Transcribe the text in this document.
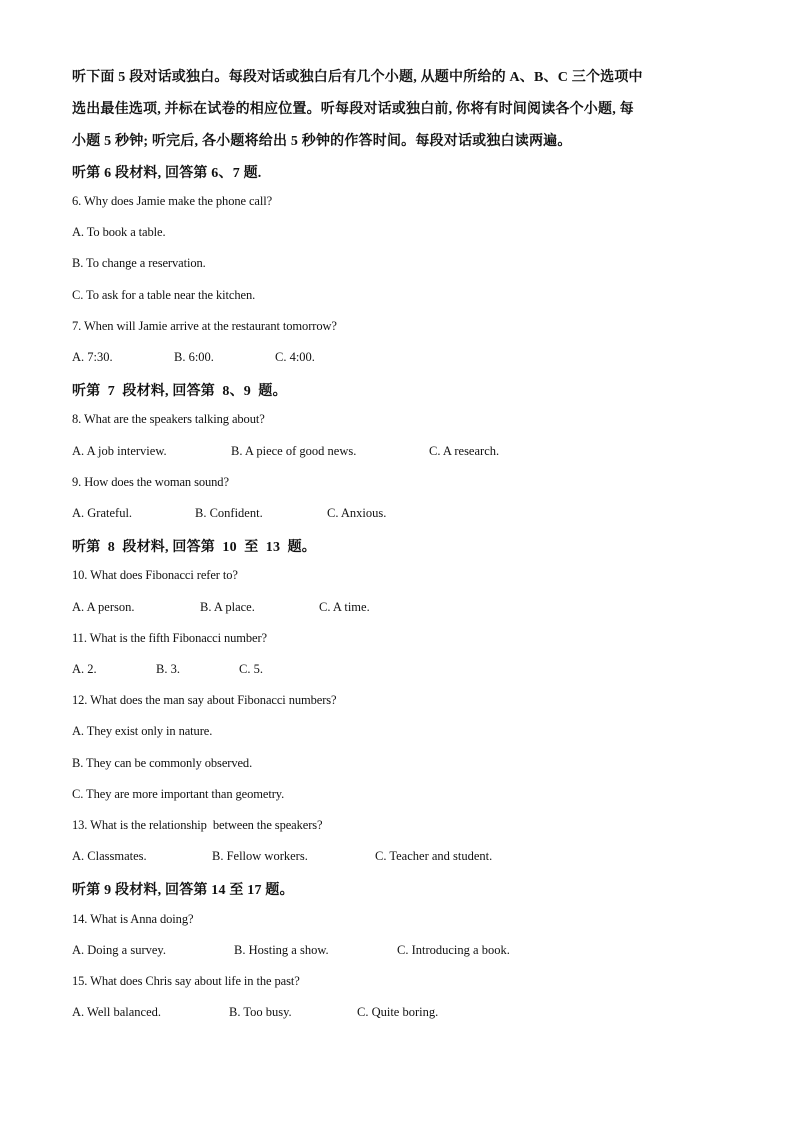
听下面 5 段对话或独白。每段对话或独白后有几个小题, 从题中所给的 A、B、C 三个选项中
选出最佳选项, 并标在试卷的相应位置。听每段对话或独白前, 你将有时间阅读各个小题, 每
小题 5 秒钟; 听完后, 各小题将给出 5 秒钟的作答时间。每段对话或独白读两遍。
听第 6 段材料, 回答第 6、7 题.
6. Why does Jamie make the phone call?
A. To book a table.
B. To change a reservation.
C. To ask for a table near the kitchen.
7. When will Jamie arrive at the restaurant tomorrow?
A. 7:30.	B. 6:00.	C. 4:00.
听第  7  段材料, 回答第  8、9  题。
8. What are the speakers talking about?
A. A job interview.	B. A piece of good news.	C. A research.
9. How does the woman sound?
A. Grateful.	B. Confident.	C. Anxious.
听第  8  段材料, 回答第  10  至  13  题。
10. What does Fibonacci refer to?
A. A person.	B. A place.	C. A time.
11. What is the fifth Fibonacci number?
A. 2.	B. 3.	C. 5.
12. What does the man say about Fibonacci numbers?
A. They exist only in nature.
B. They can be commonly observed.
C. They are more important than geometry.
13. What is the relationship  between the speakers?
A. Classmates.	B. Fellow workers.	C. Teacher and student.
听第 9 段材料, 回答第 14 至 17 题。
14. What is Anna doing?
A. Doing a survey.	B. Hosting a show.	C. Introducing a book.
15. What does Chris say about life in the past?
A. Well balanced.	B. Too busy.	C. Quite boring.
